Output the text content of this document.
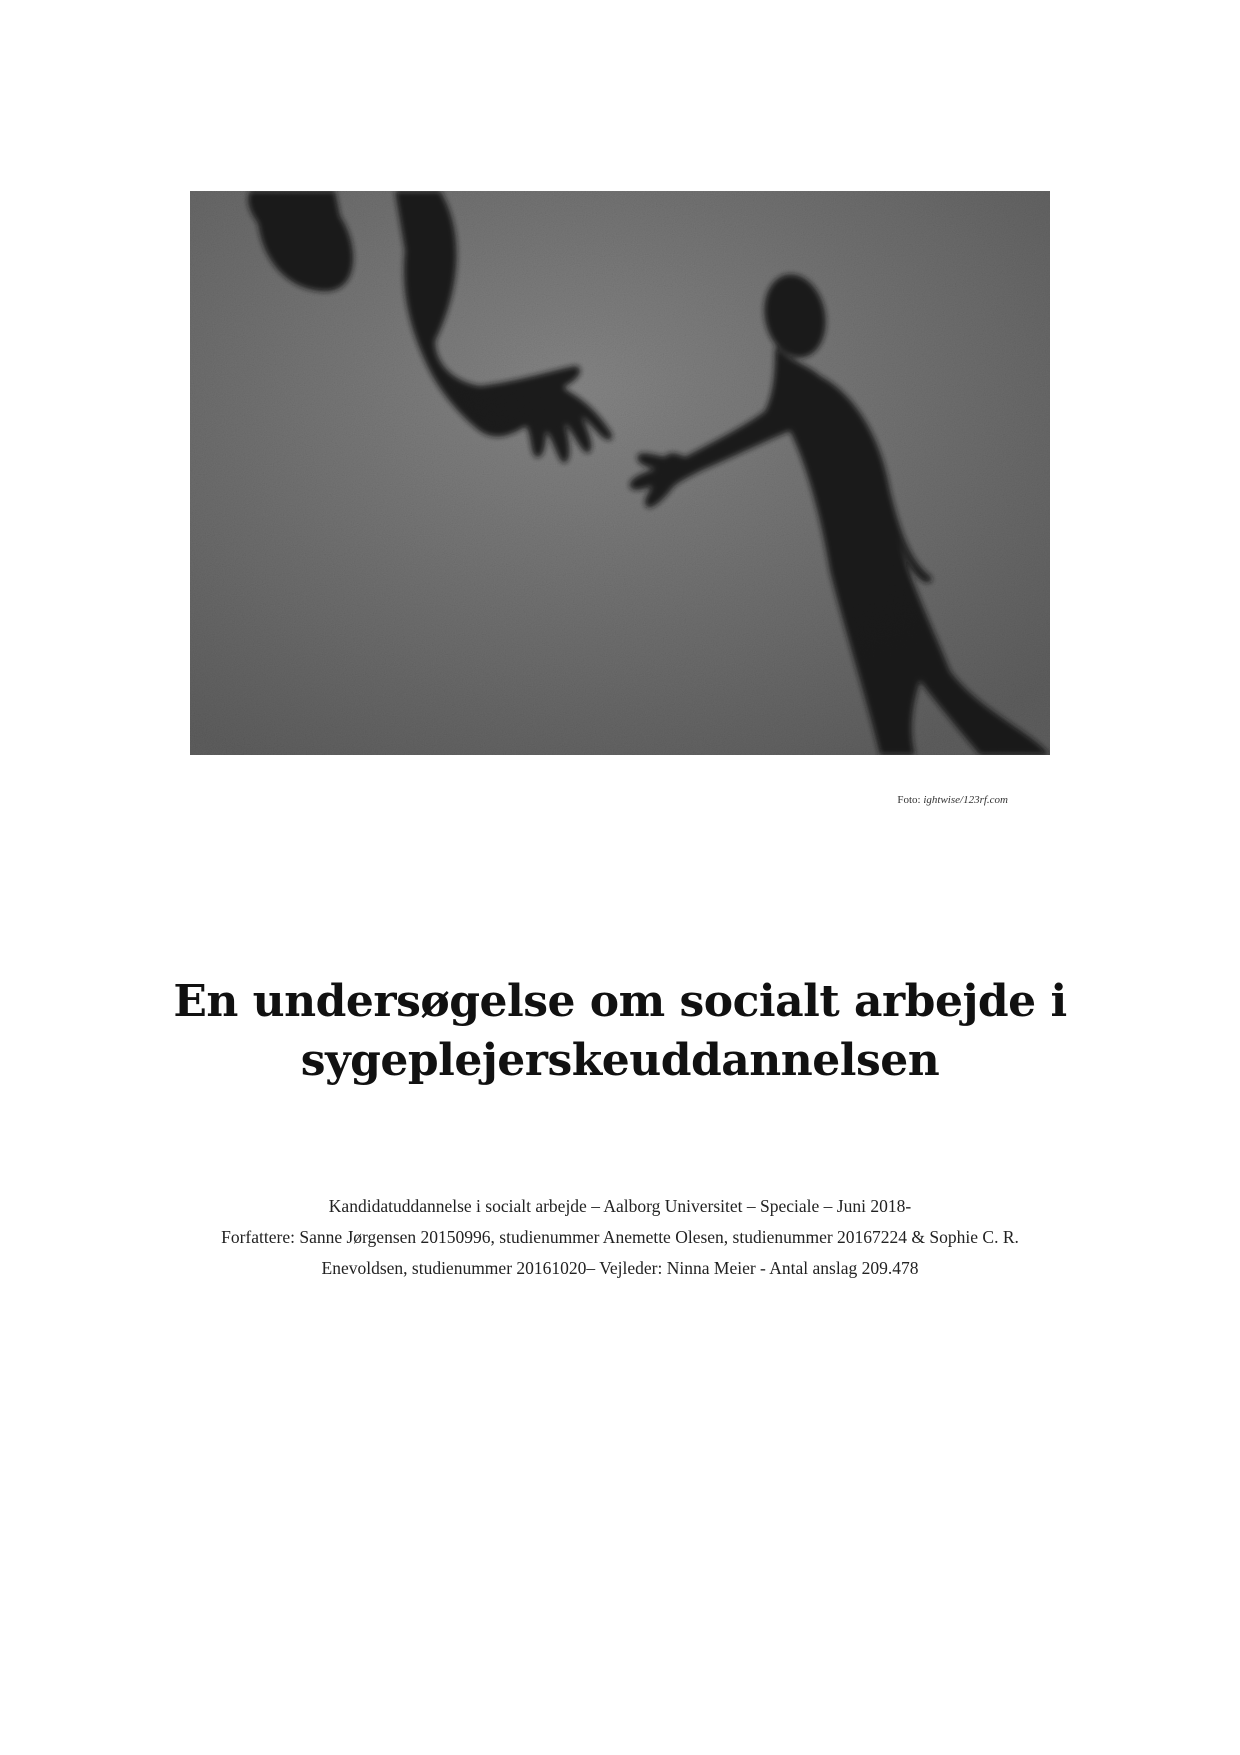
Foto: ightwise/123rf.com
En undersøgelse om socialt arbejde i
sygeplejerskeuddannelsen
Kandidatuddannelse i socialt arbejde – Aalborg Universitet – Speciale – Juni 2018-
Forfattere: Sanne Jørgensen 20150996, studienummer Anemette Olesen, studienummer 20167224 & Sophie C. R.
Enevoldsen, studienummer 20161020– Vejleder: Ninna Meier - Antal anslag 209.478
